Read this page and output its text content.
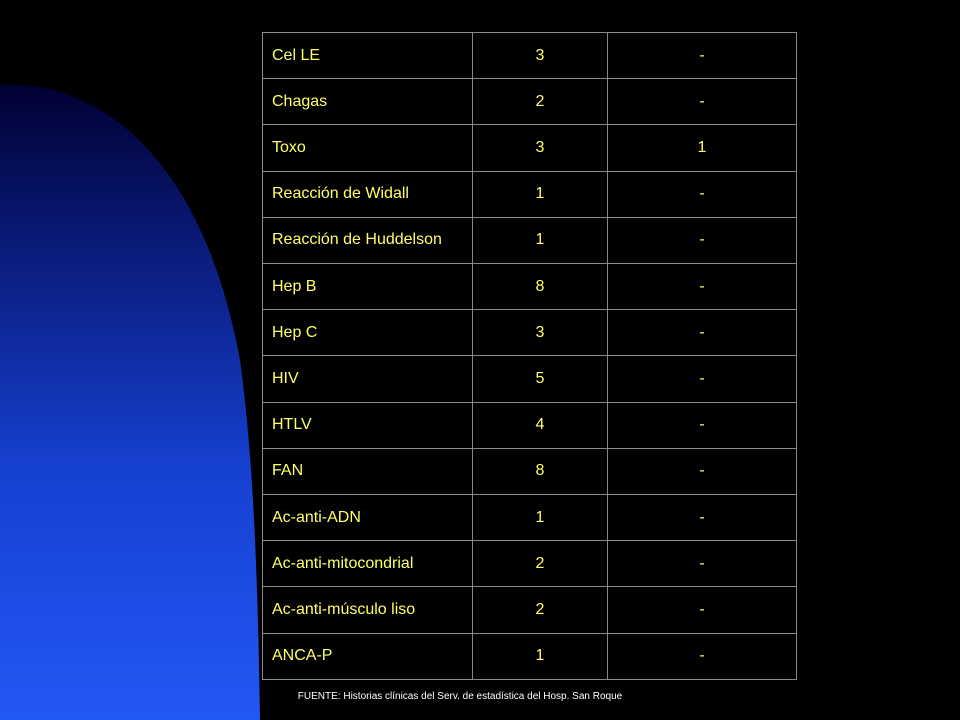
Cel LE	3	-
Chagas	2	-
Toxo	3	1
Reacción de Widall	1	-
Reacción de Huddelson	1	-
Hep B	8	-
Hep C	3	-
HIV	5	-
HTLV	4	-
FAN	8	-
Ac-anti-ADN	1	-
Ac-anti-mitocondrial	2	-
Ac-anti-músculo liso	2	-
ANCA-P	1	-
FUENTE: Historias clínicas del Serv. de estadística del Hosp. San Roque
